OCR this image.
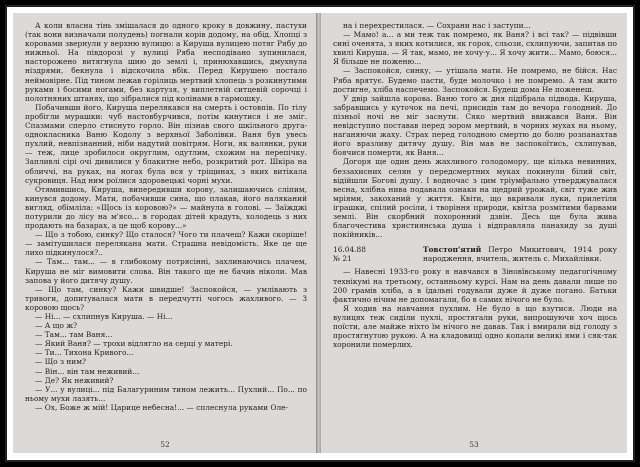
А коли власна тінь змішалася до одного кроку в довжину, пастухи (так вони визначали полудень) погнали корів додому, на обід. Хлопці з коровами звернули у верхню вулицю: а Кируша вулицею потяг Рябу до нижньої. На півдорозі у вулиці Ряба несподівано зупинилася, насторожено витягнула шию до землі і, принюхавшись, дмухнула ніздрями, бекнула і відскочила вбік. Перед Кирушею постало неймовірне. Під тином лежав горілиць мертвий хлопець з розкинутими руками і босими ногами, без картузя, у виплетній ситцевій сорочці і полотняних штанях, що зібралися під колінами в гармошку.

Побачивши його, Кируша перелякався на смерть і остовпів. По тілу пробігли мурашки: чуб настовбурчився, потім кинутися і не зміг. Спазмами сперло стиснуто горло. Він пізнав свого шкільного друга-однокласника Ваню Кодолу з верхньої Заболівки. Ваня був увесь пухлий, невпізнанний, ніби надутий повітрям. Ноги, як валянки, руки — теж, лице зробилося округлим, одутлим, схожим на перепічку. Запливлі сірі очі дивилися у блакитне небо, розкритий рот. Шкіра на обличчі, на руках, на ногах була вся у тріщинах, з яких витікала сукровиця. Над ним роїлися здоровецькі чорні мухи.

Отямившись, Кируша, випередивши корову, залишаючись сліпим, кинувся додому. Мати, побачивши сина, що плакав, його наляканий вигляд, обімліла: «Щось із коровою?» — майнула в голові. — Заїжджі потурили до лісу на м'ясо... в городах дітей крадуть, холодець з них продають на базарах, а це щоб корову...»

— Що з тобою, синку? Що сталося? Чого ти плачеш? Кажи скоріше! — замітушилася перелякана мати. Страшна невідомість. Яке це ще лихо підкинулося?..

— Там... там... — в глибокому потрясінні, захлинаючись плачем, Кируша не міг вимовити слова. Він такого ще не бачив ніколи. Мав запова у його дитячу душу.

— Що там, синку? Кажи швидше! Заспокойся, — умлівають з тривоги, допитувалася мати в передчутті чогось жахливого. — З коровою щось?

— Ні... — схлипнув Кируша. — Ні...

— А що ж?

— Там... там Ваня...

— Який Ваня? — трохи відлягло на серці у матері.

— Ти... Тихона Кривого...

— Що з ним?

— Він... він там неживий...

— Де? Як неживий?

— У... у вулиці... під Балагуриним тином лежить... Пухлий... По... по ньому мухи лазять...

— Ох, Боже ж мій! Царице небесна!... — сплеснула руками Оле-

52

на і перехрестилася. — Сохрани нас і заступи...

— Мамо! а... а ми теж так помремо, як Ваня? і всі так? — підвівши сині оченята, з яких котилися, як горох, сльози, схлипуючи, запитав по хвилі Кируша. — Я так, мамо, не хочу-у... Я хочу жити... Мамо, боюся... Я більше не поженю...

— Заспокойся, синку, — утішала мати. Не помремо, не бійся. Нас Ряба врятує. Будемо пасти, буде молочко і не помремо. А там жито достигне, хліба наспечемо. Заспокойся. Будеш дома Не поженеш.

У двір зайшла корова. Ваню того ж дня підібрала підвода. Кируша, забравшись у куточок на печі, присидів там до вечора голодний. До пізньої ночі не міг заснути. Сяко мертвий ввижався Ваня. Він невідступно поставав перед зором мертвий, в чорних мухах на ньому, наганяючи жаху. Страх перед голодною смертю до болю розпанахтав його вразливу дитячу душу. Він мав не заспокоїтись, схлипував, боячися померти, як Ваня...

Догоря ще один день жахливого голодомору, ще кілька невинних, беззахисних селян у передсмертних муках покинули білий світ, відійшли Богові душу. І водночас з цим тріумфально утверджувалася весна, хлібна нива подавала ознаки на щедрий урожай, світ туже жив мріями, закоханий у життя. Квіти, що вкривали луки, прилетіли іграшки, спілий росіли, і творіння природи, квітла розмітими барвами землі. Він скорбний похоронний дзвін. Десь ще була жива благочестива християнська душа і відправляла панахиду за душі покійників...

16.04.88
№ 21
Товстоп'ятий Петро Микитович, 1914 року народження, вчитель, житель с. Михайлівки.

— Навесні 1933-го року я навчався в Зіновївському педагогічному технікумі на третьому, останньому курсі. Нам на день давали лише по 200 грамів хліба, а в їдальні годували дуже й дуже погано. Батьки фактично нічим не допомагали, бо в самих нічого не було.

Я ходив на навчання пухлим. Не було в що взутися. Люди на вулицях теж сиділи пухлі, простягали руки, випрошуючи хоч щось поїсти, але майже ніхто їм нічого не давав. Так і вмирали від голоду з простягнутою рукою. А на кладовищі одно копали великі ями і сяк-так хоронили померлих.

53
